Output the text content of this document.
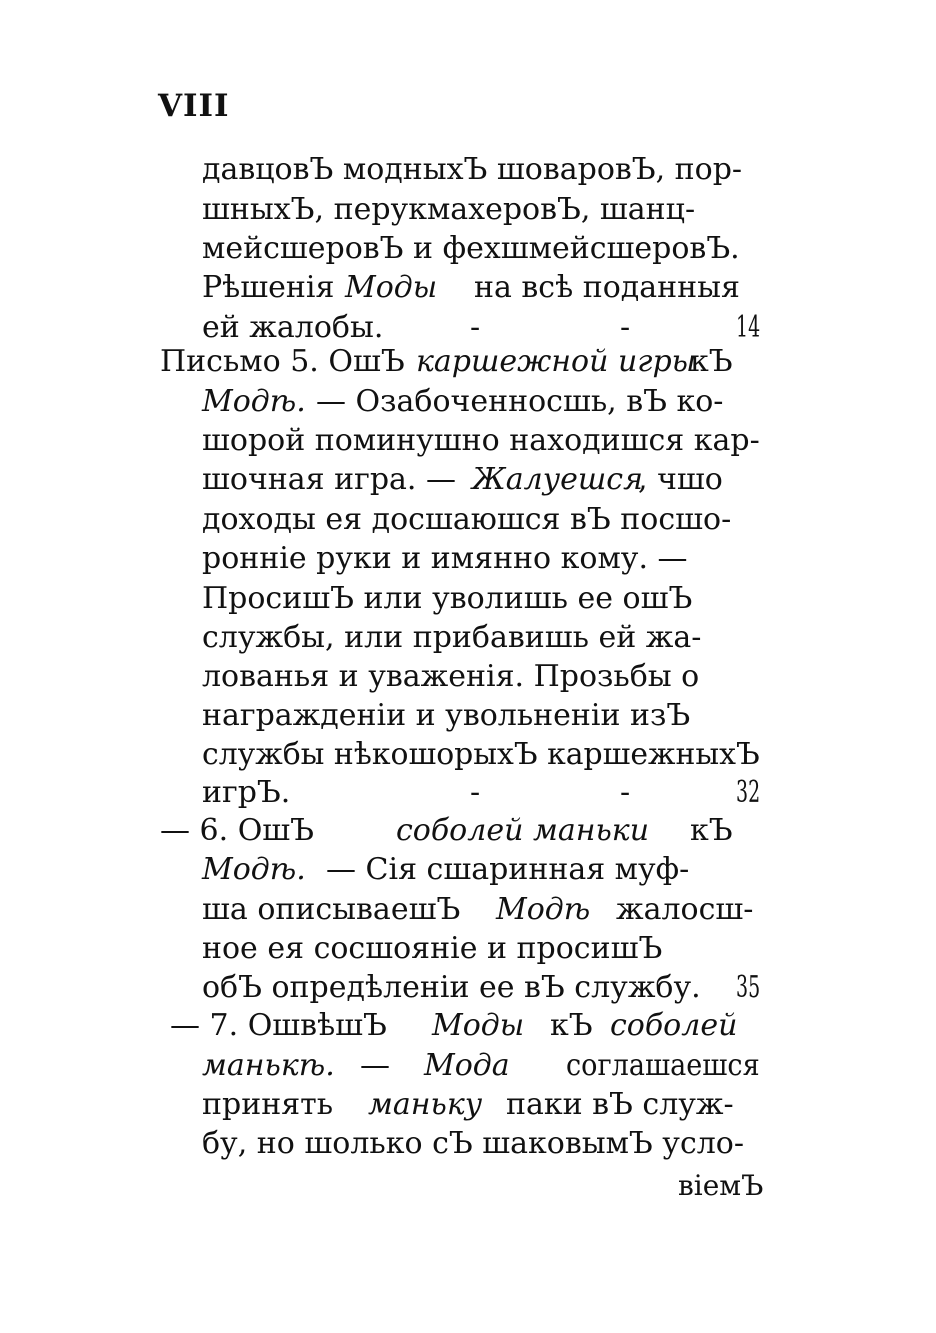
VIII
давцовЪ модныхЪ шоваровЪ, пор-
шныхЪ, перукмахеровЪ, шанц-
мейсшеровЪ и фехшмейсшеровЪ.
Рѣшенія Моды на всѣ поданныя
ей жалобы.	-	-	14
Письмо 5. ОшЪ каршежной игры
кЪ
Модѣ. — Озабоченносшь, вЪ ко-
шорой поминушно находишся кар-
шочная игра. — Жалуешся
, чшо
доходы ея досшаюшся вЪ посшо-
ронніе руки и имянно кому. —
ПросишЪ или уволишь ее ошЪ
службы, или прибавишь ей жа-
лованья и уваженія. Прозьбы о
награжденіи и увольненіи изЪ
службы нѣкошорыхЪ каршежныхЪ
игрЪ.	-	-	32
— 6. ОшЪ	соболей маньки кЪ
Модѣ. — Сія сшаринная муф-
ша описываешЪ Модѣ жалосш-
ное ея сосшояніе и просишЪ
обЪ опредѣленіи ее вЪ службу. 35
— 7. ОшвѣшЪ Моды кЪ соболей
манькѣ. — Мода соглашаешся
принять маньку паки вЪ служ-
бу, но шолько сЪ шаковымЪ усло-
віемЪ
